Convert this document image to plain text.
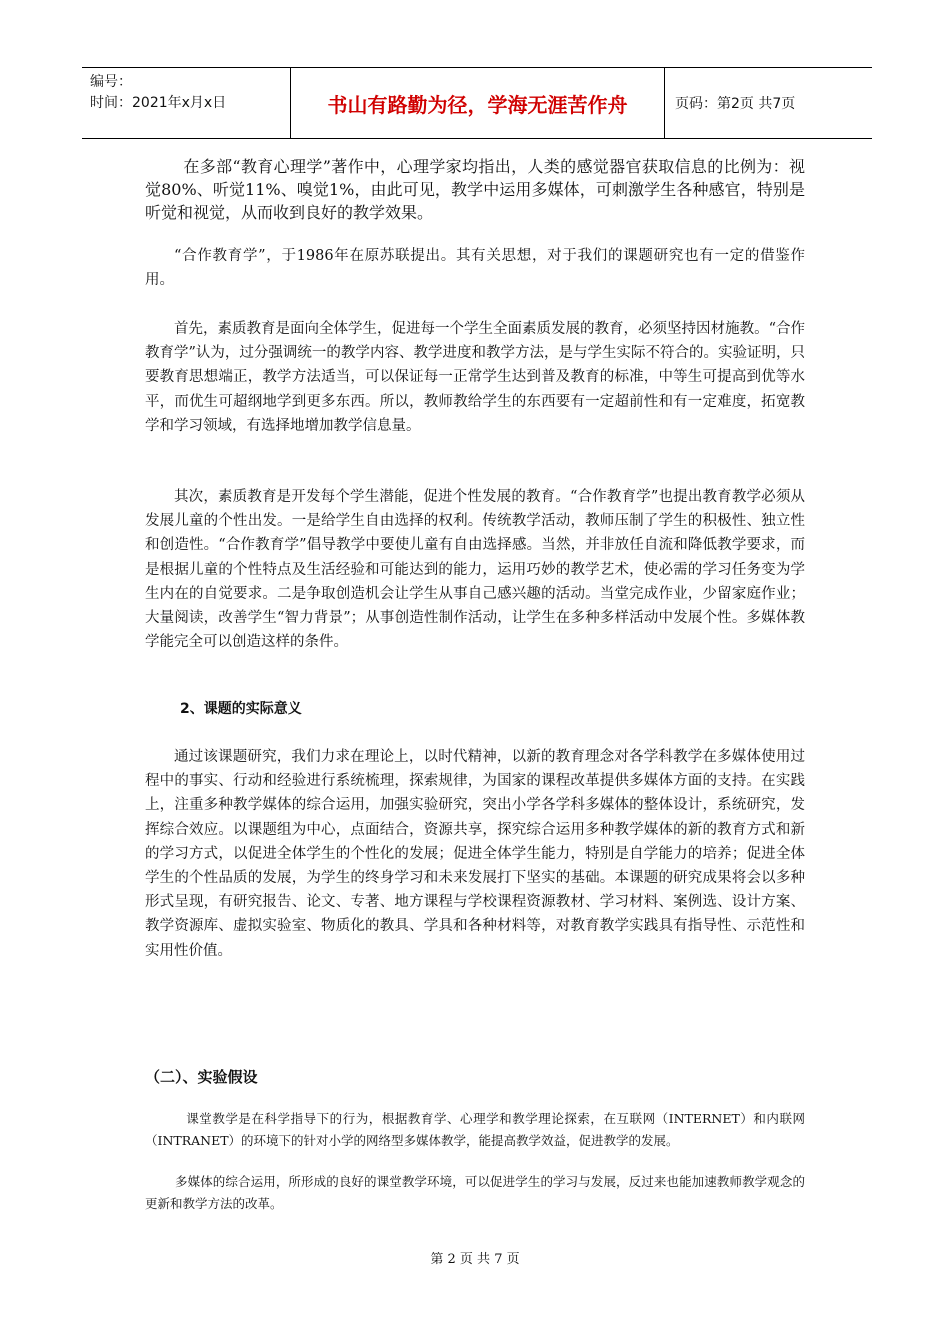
编号：
时间：2021年x月x日	书山有路勤为径，学海无涯苦作舟	页码：第2页 共7页

在多部“教育心理学”著作中，心理学家均指出，人类的感觉器官获取信息的比例为：视觉80%、听觉11%、嗅觉1%，由此可见，教学中运用多媒体，可刺激学生各种感官，特别是听觉和视觉，从而收到良好的教学效果。

“合作教育学”，于1986年在原苏联提出。其有关思想，对于我们的课题研究也有一定的借鉴作用。

首先，素质教育是面向全体学生，促进每一个学生全面素质发展的教育，必须坚持因材施教。“合作教育学”认为，过分强调统一的教学内容、教学进度和教学方法，是与学生实际不符合的。实验证明，只要教育思想端正，教学方法适当，可以保证每一正常学生达到普及教育的标准，中等生可提高到优等水平，而优生可超纲地学到更多东西。所以，教师教给学生的东西要有一定超前性和有一定难度，拓宽教学和学习领域，有选择地增加教学信息量。

其次，素质教育是开发每个学生潜能，促进个性发展的教育。“合作教育学”也提出教育教学必须从发展儿童的个性出发。一是给学生自由选择的权利。传统教学活动，教师压制了学生的积极性、独立性和创造性。“合作教育学”倡导教学中要使儿童有自由选择感。当然，并非放任自流和降低教学要求，而是根据儿童的个性特点及生活经验和可能达到的能力，运用巧妙的教学艺术，使必需的学习任务变为学生内在的自觉要求。二是争取创造机会让学生从事自己感兴趣的活动。当堂完成作业，少留家庭作业；大量阅读，改善学生“智力背景”；从事创造性制作活动，让学生在多种多样活动中发展个性。多媒体教学能完全可以创造这样的条件。

2、课题的实际意义

通过该课题研究，我们力求在理论上，以时代精神，以新的教育理念对各学科教学在多媒体使用过程中的事实、行动和经验进行系统梳理，探索规律，为国家的课程改革提供多媒体方面的支持。在实践上，注重多种教学媒体的综合运用，加强实验研究，突出小学各学科多媒体的整体设计，系统研究，发挥综合效应。以课题组为中心，点面结合，资源共享，探究综合运用多种教学媒体的新的教育方式和新的学习方式，以促进全体学生的个性化的发展；促进全体学生能力，特别是自学能力的培养；促进全体学生的个性品质的发展，为学生的终身学习和未来发展打下坚实的基础。本课题的研究成果将会以多种形式呈现，有研究报告、论文、专著、地方课程与学校课程资源教材、学习材料、案例选、设计方案、教学资源库、虚拟实验室、物质化的教具、学具和各种材料等，对教育教学实践具有指导性、示范性和实用性价值。

（二）、实验假设

课堂教学是在科学指导下的行为，根据教育学、心理学和教学理论探索，在互联网（INTERNET）和内联网（INTRANET）的环境下的针对小学的网络型多媒体教学，能提高教学效益，促进教学的发展。

多媒体的综合运用，所形成的良好的课堂教学环境，可以促进学生的学习与发展，反过来也能加速教师教学观念的更新和教学方法的改革。

第 2 页 共 7 页
